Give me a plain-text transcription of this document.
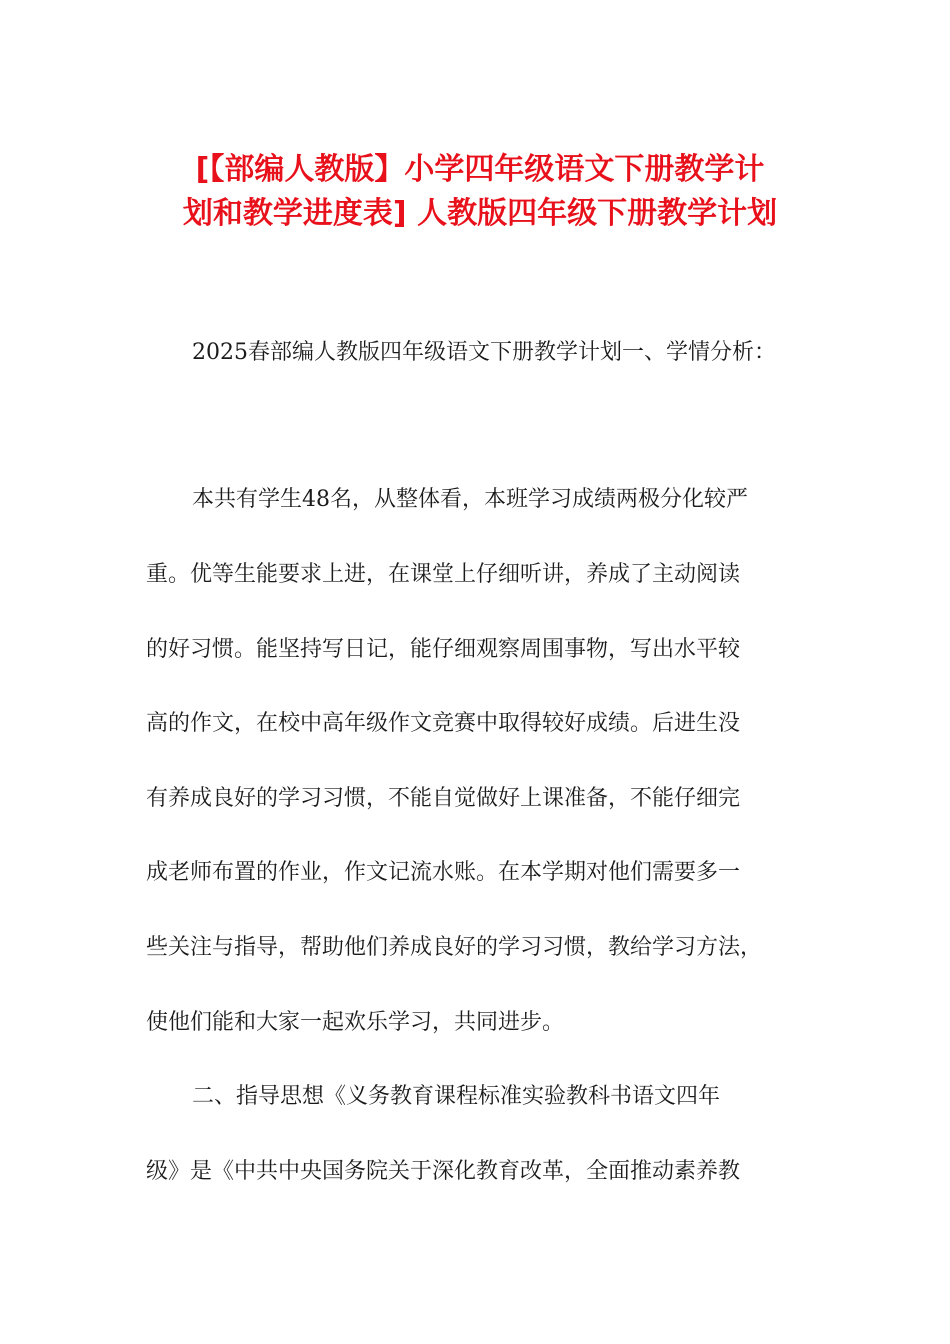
[【部编人教版】小学四年级语文下册教学计
划和教学进度表] 人教版四年级下册教学计划
2025春部编人教版四年级语文下册教学计划一、学情分析：
本共有学生48名，从整体看，本班学习成绩两极分化较严
重。优等生能要求上进，在课堂上仔细听讲，养成了主动阅读
的好习惯。能坚持写日记，能仔细观察周围事物，写出水平较
高的作文，在校中高年级作文竞赛中取得较好成绩。后进生没
有养成良好的学习习惯，不能自觉做好上课准备，不能仔细完
成老师布置的作业，作文记流水账。在本学期对他们需要多一
些关注与指导，帮助他们养成良好的学习习惯，教给学习方法，
使他们能和大家一起欢乐学习，共同进步。
二、指导思想《义务教育课程标准实验教科书语文四年
级》是《中共中央国务院关于深化教育改革，全面推动素养教
